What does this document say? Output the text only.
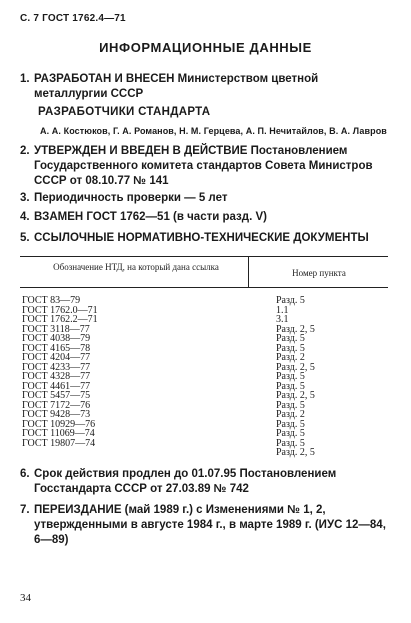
С. 7 ГОСТ 1762.4—71
ИНФОРМАЦИОННЫЕ ДАННЫЕ
1. РАЗРАБОТАН И ВНЕСЕН Министерством цветной металлургии СССР
РАЗРАБОТЧИКИ СТАНДАРТА
А. А. Костюков, Г. А. Романов, Н. М. Герцева, А. П. Нечитайлов, В. А. Лавров
2. УТВЕРЖДЕН И ВВЕДЕН В ДЕЙСТВИЕ Постановлением Государственного комитета стандартов Совета Министров СССР от 08.10.77 № 141
3. Периодичность проверки — 5 лет
4. ВЗАМЕН ГОСТ 1762—51 (в части разд. V)
5. ССЫЛОЧНЫЕ НОРМАТИВНО-ТЕХНИЧЕСКИЕ ДОКУМЕНТЫ
Обозначение НТД, на который дана ссылка
Номер пункта
ГОСТ 83—79
ГОСТ 1762.0—71
ГОСТ 1762.2—71
ГОСТ 3118—77
ГОСТ 4038—79
ГОСТ 4165—78
ГОСТ 4204—77
ГОСТ 4233—77
ГОСТ 4328—77
ГОСТ 4461—77
ГОСТ 5457—75
ГОСТ 7172—76
ГОСТ 9428—73
ГОСТ 10929—76
ГОСТ 11069—74
ГОСТ 19807—74
Разд. 5
1.1
3.1
Разд. 2, 5
Разд. 5
Разд. 5
Разд. 2
Разд. 2, 5
Разд. 5
Разд. 5
Разд. 2, 5
Разд. 5
Разд. 2
Разд. 5
Разд. 5
Разд. 5
Разд. 2, 5
6. Срок действия продлен до 01.07.95 Постановлением Госстандарта СССР от 27.03.89 № 742
7. ПЕРЕИЗДАНИЕ (май 1989 г.) с Изменениями № 1, 2, утвержденными в августе 1984 г., в марте 1989 г. (ИУС 12—84, 6—89)
34
